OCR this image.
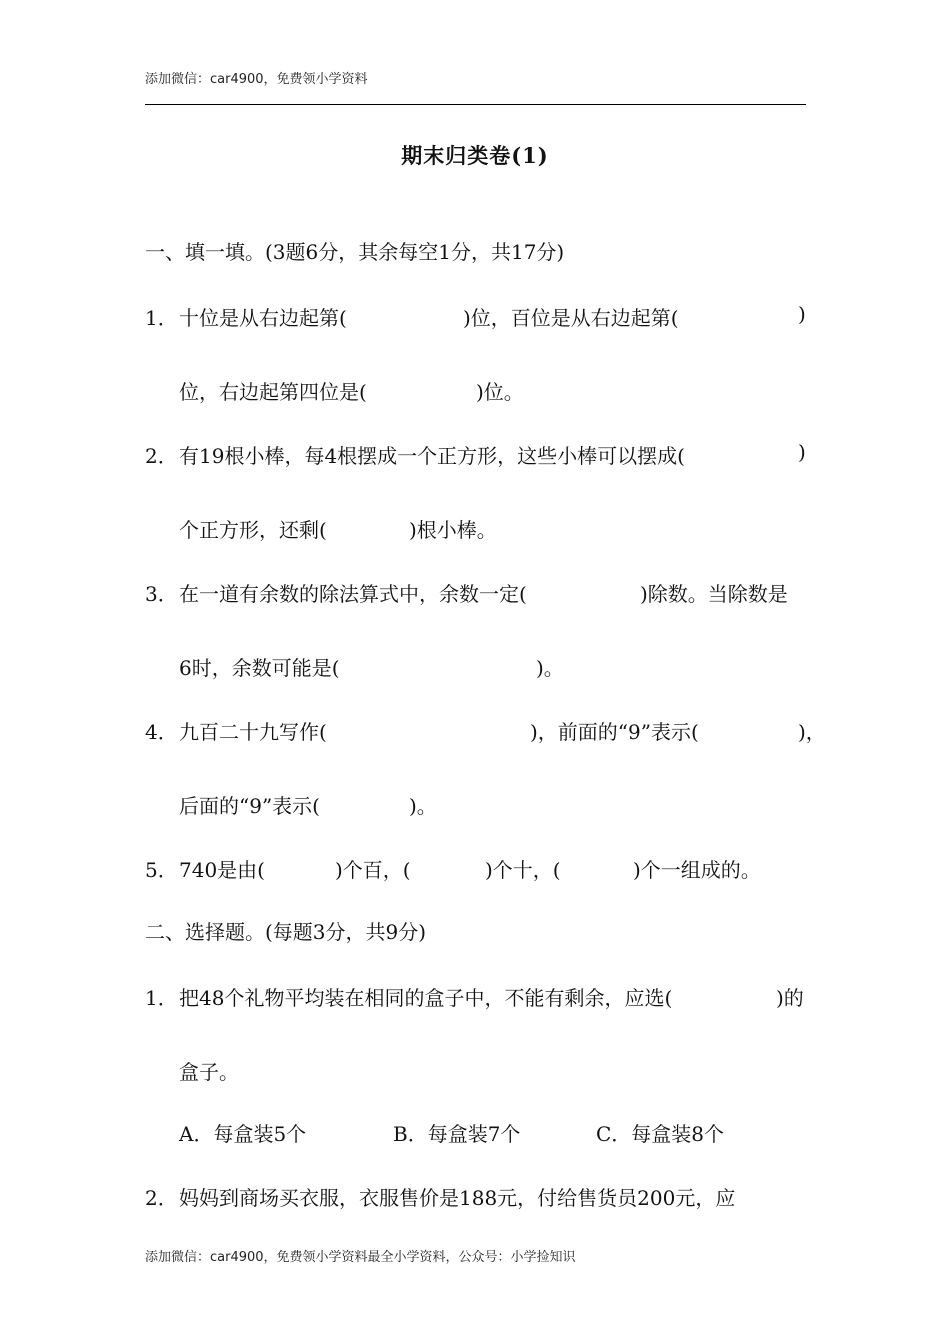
添加微信：car4900，免费领小学资料
期末归类卷(1)
一、填一填。(3题6分，其余每空1分，共17分)
1． 十位是从右边起第(	)位，百位是从右边起第(	)
位，右边起第四位是(	)位。
2． 有19根小棒，每4根摆成一个正方形，这些小棒可以摆成(	)
个正方形，还剩(	)根小棒。
3． 在一道有余数的除法算式中，余数一定(	)除数。当除数是
6时，余数可能是(	)。
4． 九百二十九写作(	)，前面的“9”表示(	)，
后面的“9”表示(	)。
5． 740是由(	)个百，(	)个十，(	)个一组成的。
二、选择题。(每题3分，共9分)
1． 把48个礼物平均装在相同的盒子中，不能有剩余，应选(	)的
盒子。
A．每盒装5个	B．每盒装7个	C．每盒装8个
2． 妈妈到商场买衣服，衣服售价是188元，付给售货员200元，应
添加微信：car4900，免费领小学资料最全小学资料，公众号：小学捡知识
